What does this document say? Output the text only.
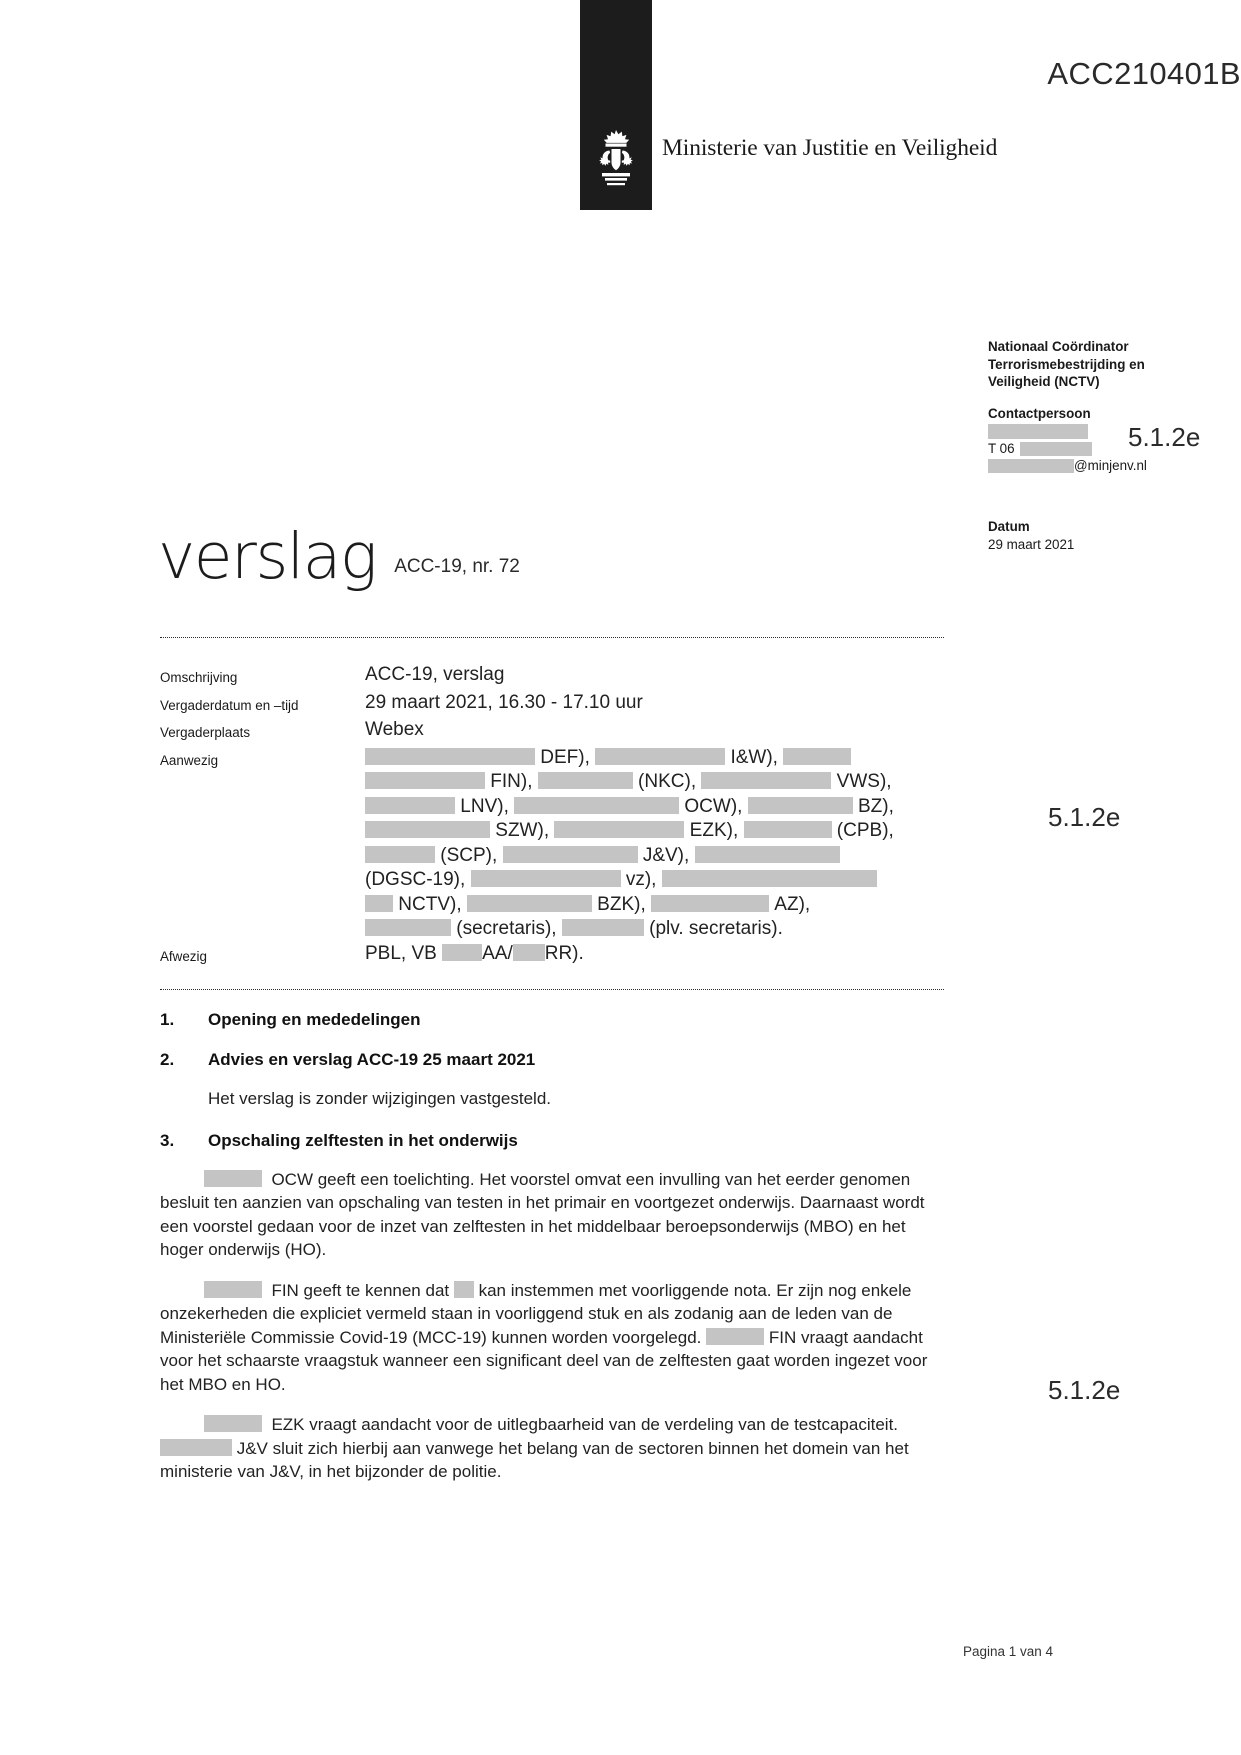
Ministerie van Justitie en Veiligheid
ACC210401B
Nationaal Coördinator
Terrorismebestrijding en
Veiligheid (NCTV)
Contactpersoon
T 06
@minjenv.nl
5.1.2e
Datum
29 maart 2021
verslag ACC-19, nr. 72
Omschrijving	ACC-19, verslag
Vergaderdatum en –tijd	29 maart 2021, 16.30 - 17.10 uur
Vergaderplaats	Webex
Aanwezig	DEF),	I&W),
FIN),	(NKC),	VWS),
LNV),	OCW),	BZ),
SZW),	EZK),	(CPB),
(SCP),	J&V),
(DGSC-19),	vz),
NCTV),	BZK),	AZ),
(secretaris),	(plv. secretaris).
Afwezig	PBL, VB AA/ RR).
5.1.2e
5.1.2e
1.	Opening en mededelingen
2.	Advies en verslag ACC-19 25 maart 2021
Het verslag is zonder wijzigingen vastgesteld.
3.	Opschaling zelftesten in het onderwijs
OCW geeft een toelichting. Het voorstel omvat een invulling van het eerder genomen besluit ten aanzien van opschaling van testen in het primair en voortgezet onderwijs. Daarnaast wordt een voorstel gedaan voor de inzet van zelftesten in het middelbaar beroepsonderwijs (MBO) en het hoger onderwijs (HO).
FIN geeft te kennen dat  kan instemmen met voorliggende nota. Er zijn nog enkele onzekerheden die expliciet vermeld staan in voorliggend stuk en als zodanig aan de leden van de Ministeriële Commissie Covid-19 (MCC-19) kunnen worden voorgelegd.	FIN vraagt aandacht voor het schaarste vraagstuk wanneer een significant deel van de zelftesten gaat worden ingezet voor het MBO en HO.
EZK vraagt aandacht voor de uitlegbaarheid van de verdeling van de testcapaciteit.  J&V sluit zich hierbij aan vanwege het belang van de sectoren binnen het domein van het ministerie van J&V, in het bijzonder de politie.
Pagina 1 van 4
